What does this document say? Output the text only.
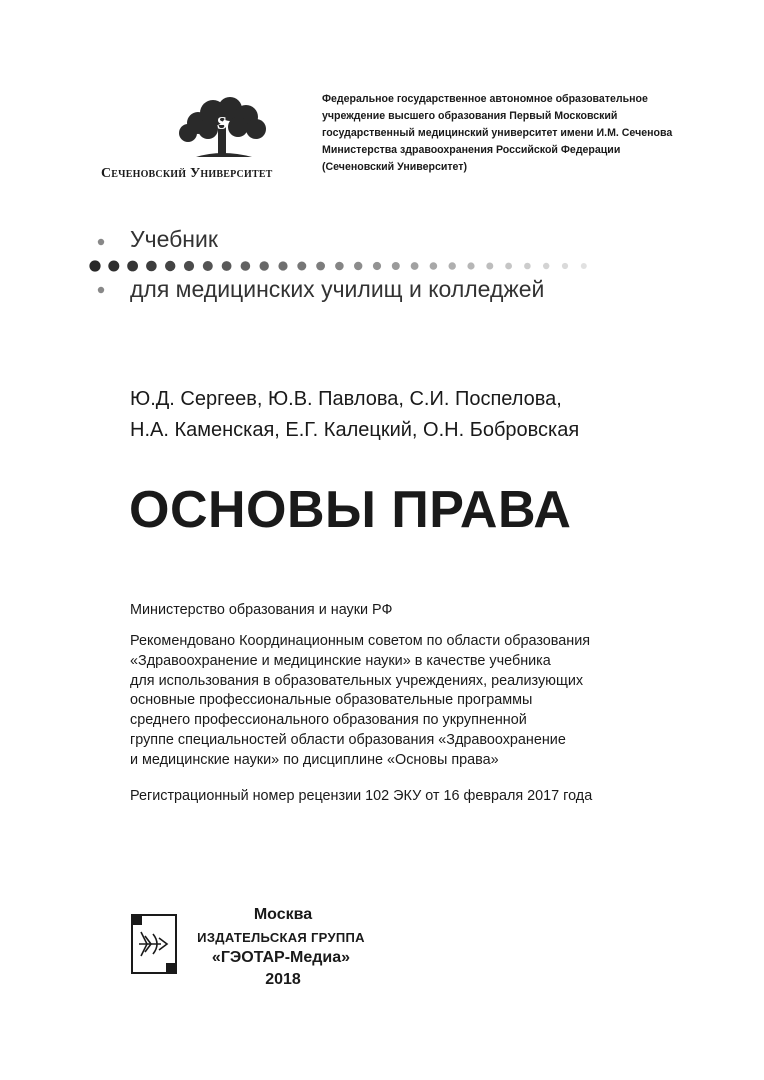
S
Сеченовский Университет
Федеральное государственное автономное образовательное
учреждение высшего образования Первый Московский
государственный медицинский университет имени И.М. Сеченова
Министерства здравоохранения Российской Федерации
(Сеченовский Университет)
Учебник
для медицинских училищ и колледжей
Ю.Д. Сергеев, Ю.В. Павлова, С.И. Поспелова,
Н.А. Каменская, Е.Г. Калецкий, О.Н. Бобровская
ОСНОВЫ ПРАВА
Министерство образования и науки РФ
Рекомендовано Координационным советом по области образования
«Здравоохранение и медицинские науки» в качестве учебника
для использования в образовательных учреждениях, реализующих
основные профессиональные образовательные программы
среднего профессионального образования по укрупненной
группе специальностей области образования «Здравоохранение
и медицинские науки» по дисциплине «Основы права»
Регистрационный номер рецензии 102 ЭКУ от 16 февраля 2017 года
Москва
ИЗДАТЕЛЬСКАЯ ГРУППА
«ГЭОТАР-Медиа»
2018
